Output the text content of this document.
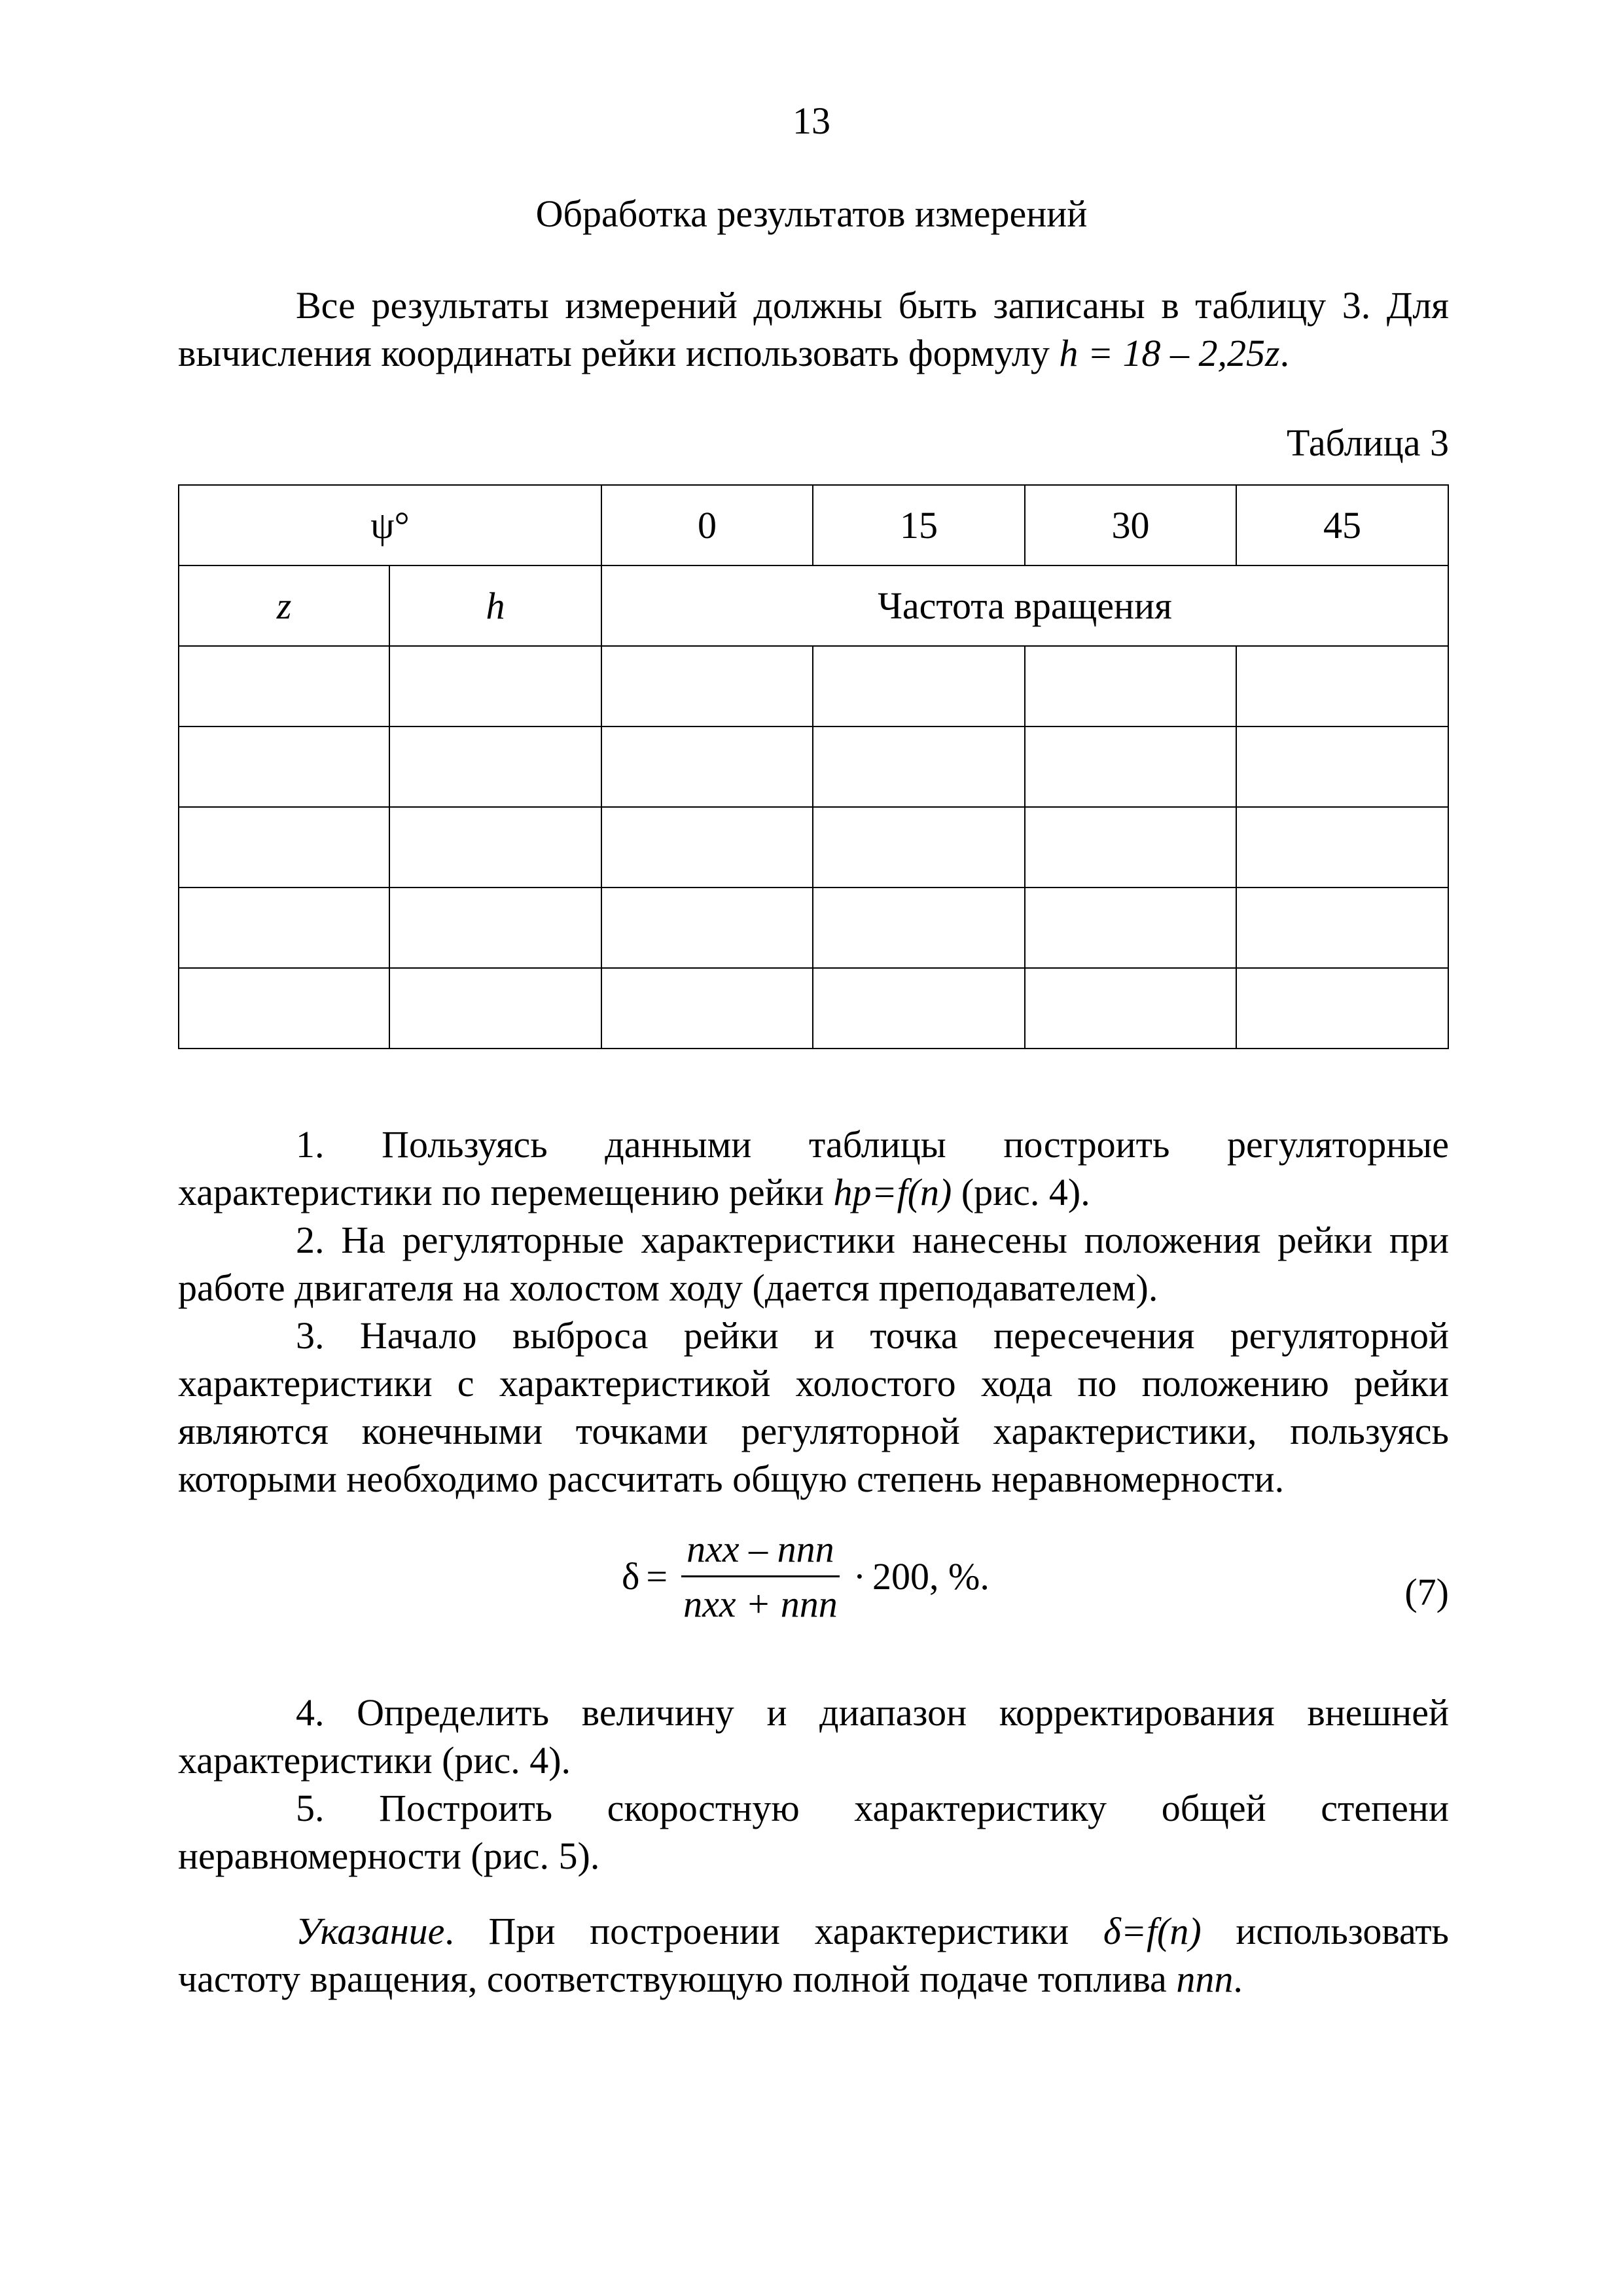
13
Обработка результатов измерений

Все результаты измерений должны быть записаны в таблицу 3. Для вычисления координаты рейки использовать формулу h = 18 – 2,25z.

Таблица 3
ψ°		0	15	30	45
z	h	Частота вращения			

1. Пользуясь данными таблицы построить регуляторные характеристики по перемещению рейки hр=f(n) (рис. 4).

2. На регуляторные характеристики нанесены положения рейки при работе двигателя на холостом ходу (дается преподавателем).

3. Начало выброса рейки и точка пересечения регуляторной характеристики с характеристикой холостого хода по положению рейки являются конечными точками регуляторной характеристики, пользуясь которыми необходимо рассчитать общую степень неравномерности.

$\delta = \frac{\text{nхх – nпп}}{\text{nхх + nпп}} \cdot 200$, %.	(7)

4. Определить величину и диапазон корректирования внешней характеристики (рис. 4).

5. Построить скоростную характеристику общей степени неравномерности (рис. 5).

Указание. При построении характеристики δ=f(n) использовать частоту вращения, соответствующую полной подаче топлива nпп.
